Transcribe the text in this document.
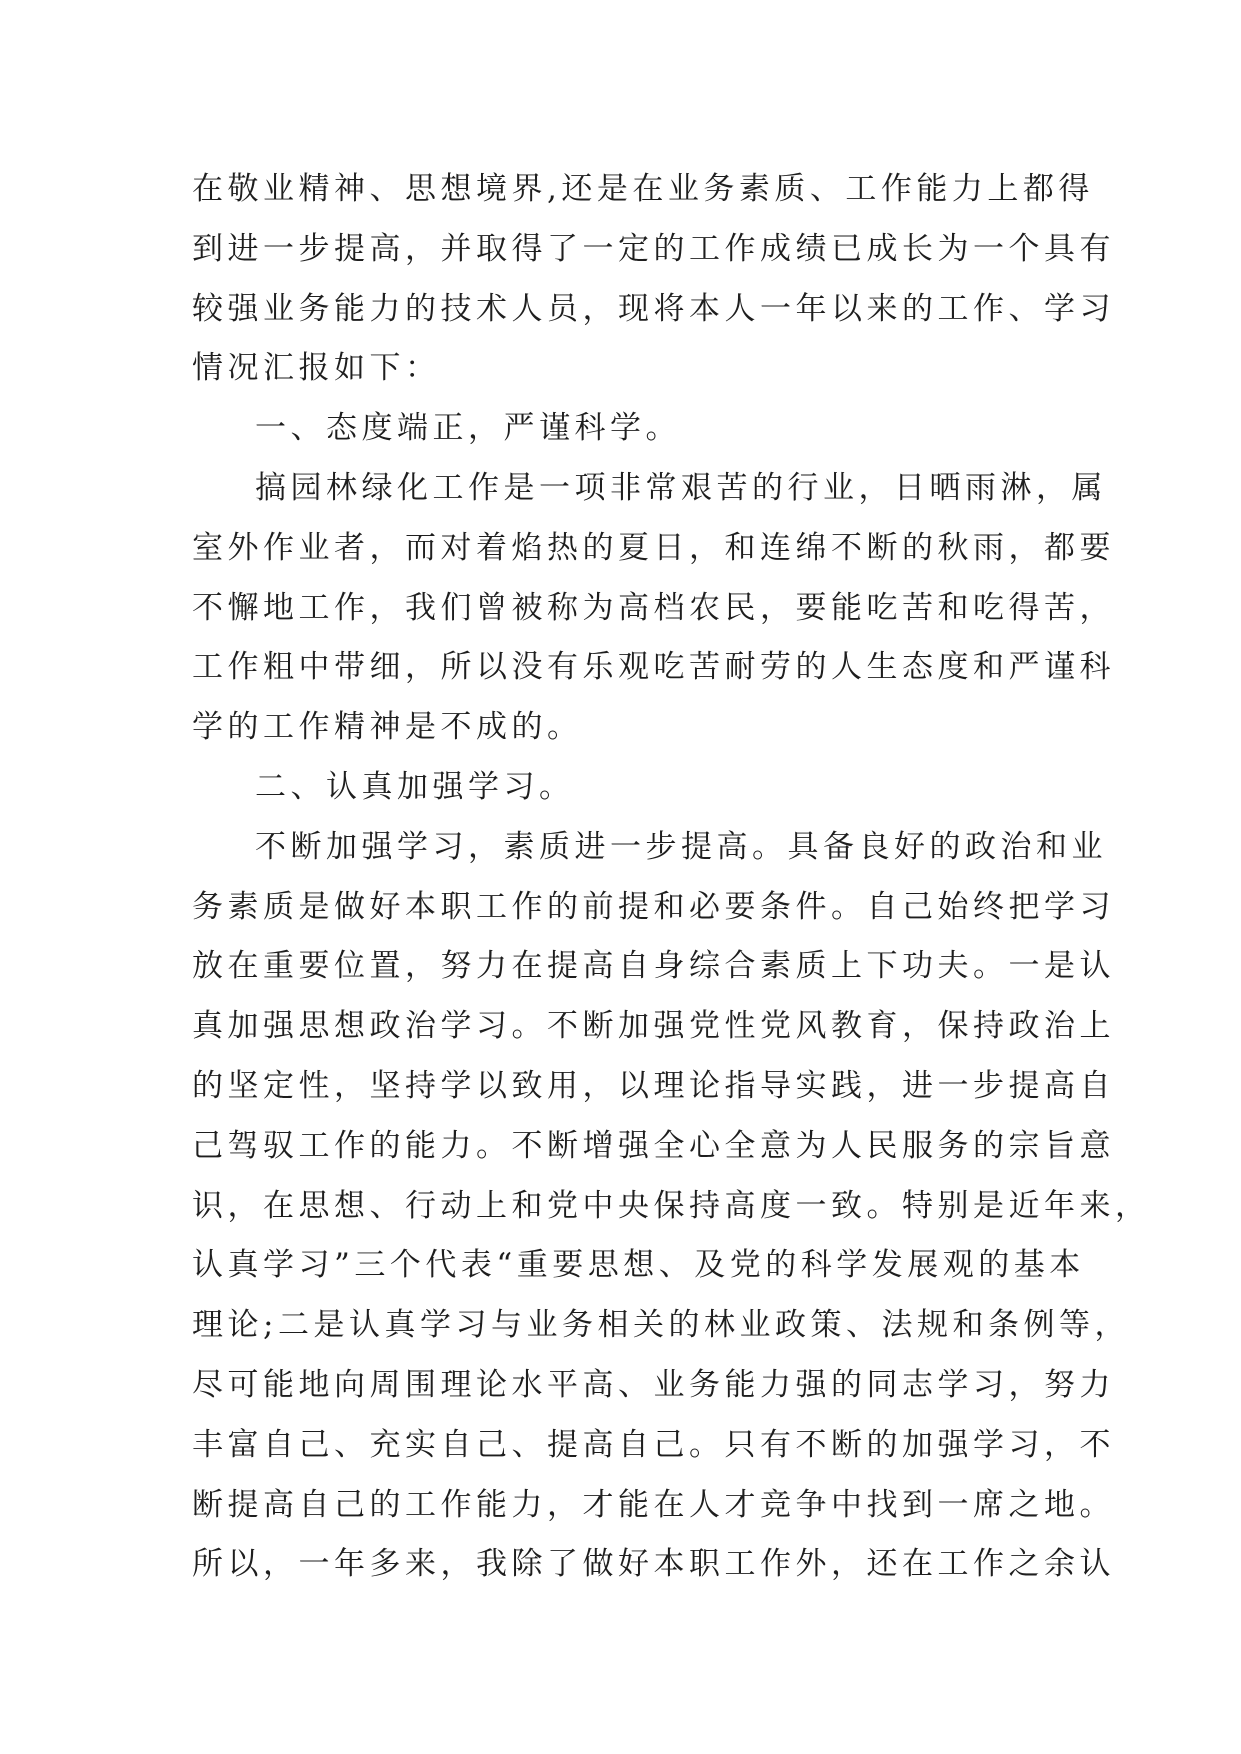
在敬业精神、思想境界,还是在业务素质、工作能力上都得
到进一步提高，并取得了一定的工作成绩已成长为一个具有
较强业务能力的技术人员，现将本人一年以来的工作、学习
情况汇报如下：
一、态度端正，严谨科学。
搞园林绿化工作是一项非常艰苦的行业，日晒雨淋，属
室外作业者，而对着焰热的夏日，和连绵不断的秋雨，都要
不懈地工作，我们曾被称为高档农民，要能吃苦和吃得苦，
工作粗中带细，所以没有乐观吃苦耐劳的人生态度和严谨科
学的工作精神是不成的。
二、认真加强学习。
不断加强学习，素质进一步提高。具备良好的政治和业
务素质是做好本职工作的前提和必要条件。自己始终把学习
放在重要位置，努力在提高自身综合素质上下功夫。一是认
真加强思想政治学习。不断加强党性党风教育，保持政治上
的坚定性，坚持学以致用，以理论指导实践，进一步提高自
己驾驭工作的能力。不断增强全心全意为人民服务的宗旨意
识，在思想、行动上和党中央保持高度一致。特别是近年来，
认真学习”三个代表“重要思想、及党的科学发展观的基本
理论;二是认真学习与业务相关的林业政策、法规和条例等，
尽可能地向周围理论水平高、业务能力强的同志学习，努力
丰富自己、充实自己、提高自己。只有不断的加强学习，不
断提高自己的工作能力，才能在人才竞争中找到一席之地。
所以，一年多来，我除了做好本职工作外，还在工作之余认
